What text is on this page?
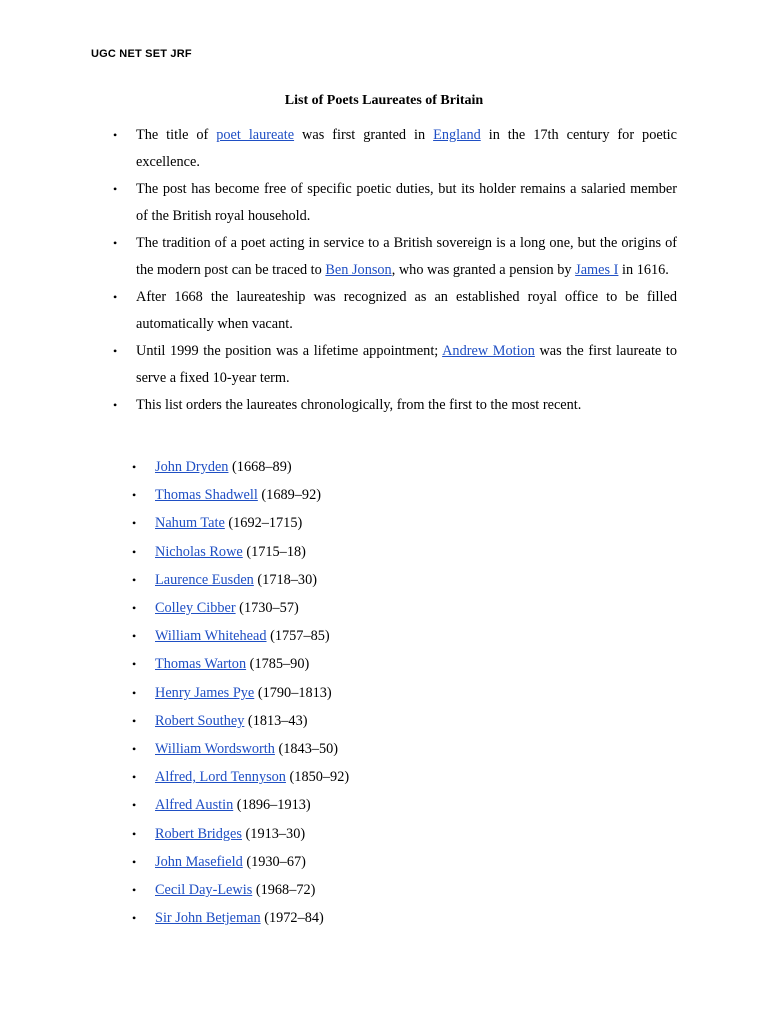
UGC NET SET JRF
List of Poets Laureates of Britain
• The title of poet laureate was first granted in England in the 17th century for poetic excellence.
• The post has become free of specific poetic duties, but its holder remains a salaried member of the British royal household.
• The tradition of a poet acting in service to a British sovereign is a long one, but the origins of the modern post can be traced to Ben Jonson, who was granted a pension by James I in 1616.
• After 1668 the laureateship was recognized as an established royal office to be filled automatically when vacant.
• Until 1999 the position was a lifetime appointment; Andrew Motion was the first laureate to serve a fixed 10-year term.
• This list orders the laureates chronologically, from the first to the most recent.
• John Dryden (1668–89)
• Thomas Shadwell (1689–92)
• Nahum Tate (1692–1715)
• Nicholas Rowe (1715–18)
• Laurence Eusden (1718–30)
• Colley Cibber (1730–57)
• William Whitehead (1757–85)
• Thomas Warton (1785–90)
• Henry James Pye (1790–1813)
• Robert Southey (1813–43)
• William Wordsworth (1843–50)
• Alfred, Lord Tennyson (1850–92)
• Alfred Austin (1896–1913)
• Robert Bridges (1913–30)
• John Masefield (1930–67)
• Cecil Day-Lewis (1968–72)
• Sir John Betjeman (1972–84)
